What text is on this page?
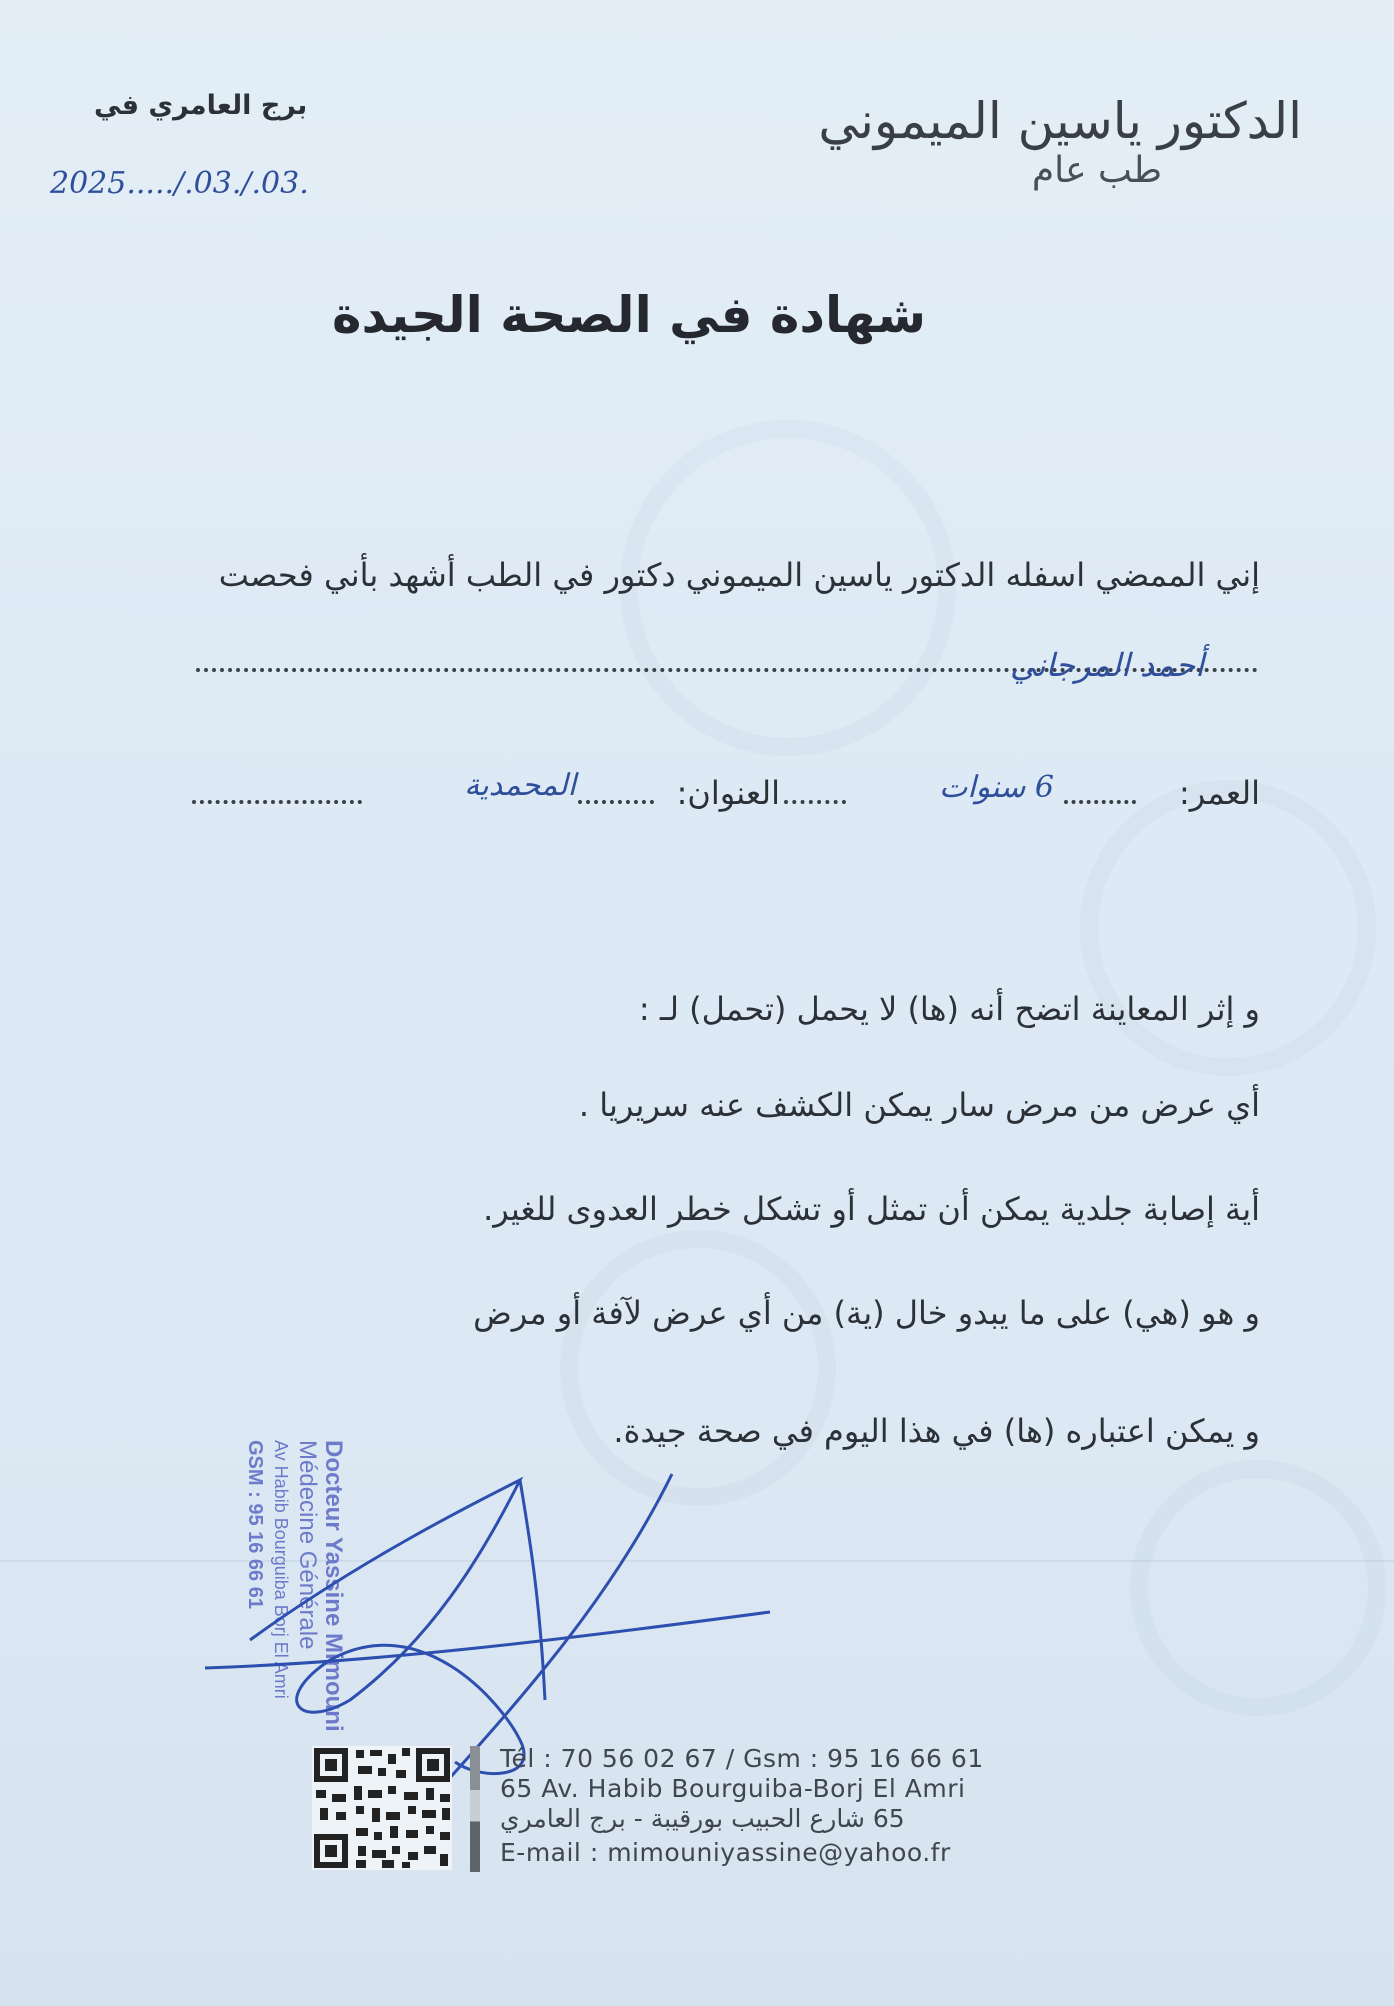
الدكتور ياسين الميموني
طب عام
برج العامري في
2025...../.03./.03.
شهادة في الصحة الجيدة
إني الممضي اسفله الدكتور ياسين الميموني دكتور في الطب أشهد بأني فحصت
أحمد المرجاني
العمر:
6 سنوات
العنوان:
المحمدية
و إثر المعاينة اتضح أنه (ها) لا يحمل (تحمل) لـ :
أي عرض من مرض سار يمكن الكشف عنه سريريا .
أية إصابة جلدية يمكن أن تمثل أو تشكل خطر العدوى للغير.
و هو (هي) على ما يبدو خال (ية) من أي عرض لآفة أو مرض
و يمكن اعتباره (ها) في هذا اليوم في صحة جيدة.
Docteur Yassine Mimouni
Médecine Générale
Av Habib Bourguiba Borj El Amri
GSM : 95 16 66 61
Tél : 70 56 02 67 / Gsm : 95 16 66 61
65 Av. Habib Bourguiba-Borj El Amri
65 شارع الحبيب بورقيبة - برج العامري
E-mail : mimouniyassine@yahoo.fr
